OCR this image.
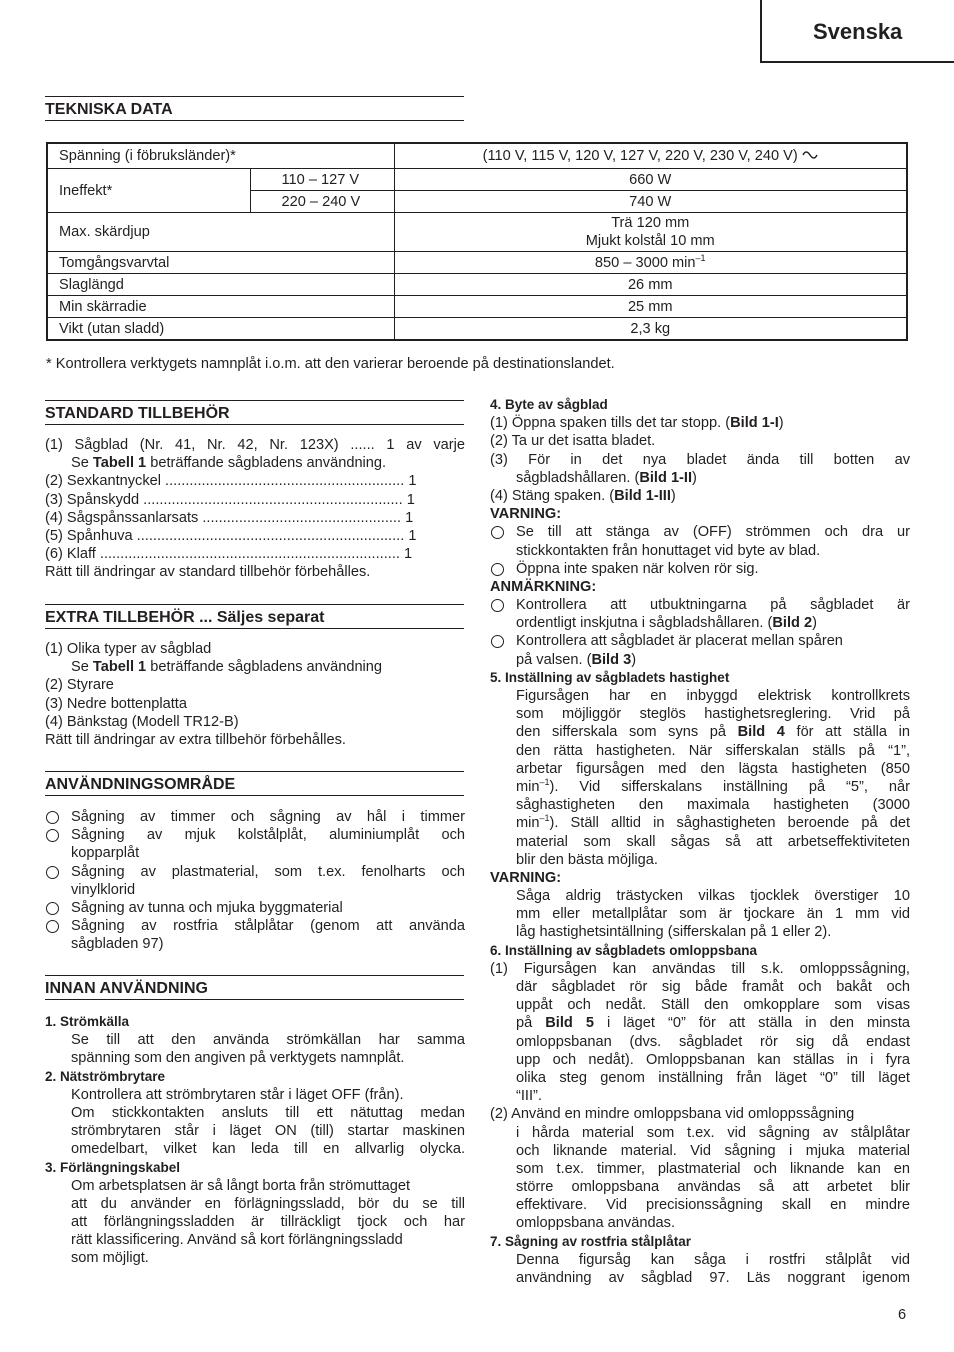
Svenska
TEKNISKA DATA
Spänning (i föbruksländer)*		(110 V, 115 V, 120 V, 127 V, 220 V, 230 V, 240 V)
Ineffekt*	110 – 127 V	660 W
	220 – 240 V	740 W
Max. skärdjup		Trä 120 mm
Mjukt kolstål 10 mm

Tomgångsvarvtal		850 – 3000 $\min^{-1}$
Slaglängd		26 mm
Min skärradie		25 mm
Vikt (utan sladd)		2,3 kg
* Kontrollera verktygets namnplåt i.o.m. att den varierar beroende på destinationslandet.
STANDARD TILLBEHÖR
(1) Sågblad (Nr. 41, Nr. 42, Nr. 123X) ...... 1 av varje
Se Tabell 1 beträffande sågbladens användning.
(2) Sexkantnyckel ........................................................... 1
(3) Spånskydd ................................................................ 1
(4) Sågspånssanlarsats ................................................. 1
(5) Spånhuva .................................................................. 1
(6) Klaff .......................................................................... 1
Rätt till ändringar av standard tillbehör förbehålles.
EXTRA TILLBEHÖR ... Säljes separat
(1) Olika typer av sågblad
Se Tabell 1 beträffande sågbladens användning
(2) Styrare
(3) Nedre bottenplatta
(4) Bänkstag (Modell TR12-B)
Rätt till ändringar av extra tillbehör förbehålles.
ANVÄNDNINGSOMRÅDE
Sågning av timmer och sågning av hål i timmer
Sågning av mjuk kolstålplåt, aluminiumplåt och
kopparplåt
Sågning av plastmaterial, som t.ex. fenolharts och
vinylklorid
Sågning av tunna och mjuka byggmaterial
Sågning av rostfria stålplåtar (genom att använda
sågbladen 97)
INNAN ANVÄNDNING
1. Strömkälla
Se till att den använda strömkällan har samma
spänning som den angiven på verktygets namnplåt.
2. Nätströmbrytare
Kontrollera att strömbrytaren står i läget OFF (från).
Om stickkontakten ansluts till ett nätuttag medan
strömbrytaren står i läget ON (till) startar maskinen
omedelbart, vilket kan leda till en allvarlig olycka.
3. Förlängningskabel
Om arbetsplatsen är så långt borta från strömuttaget
att du använder en förlägningssladd, bör du se till
att förlängningssladden är tillräckligt tjock och har
rätt klassificering. Använd så kort förlängningssladd
som möjligt.
4. Byte av sågblad
(1) Öppna spaken tills det tar stopp. (Bild 1-I)
(2) Ta ur det isatta bladet.
(3) För in det nya bladet ända till botten av
sågbladshållaren. (Bild 1-II)
(4) Stäng spaken. (Bild 1-III)
VARNING:
Se till att stänga av (OFF) strömmen och dra ur
stickkontakten från honuttaget vid byte av blad.
Öppna inte spaken när kolven rör sig.
ANMÄRKNING:
Kontrollera att utbuktningarna på sågbladet är
ordentligt inskjutna i sågbladshållaren. (Bild 2)
Kontrollera att sågbladet är placerat mellan spåren
på valsen. (Bild 3)
5. Inställning av sågbladets hastighet
Figursågen har en inbyggd elektrisk kontrollkrets
som möjliggör steglös hastighetsreglering. Vrid på
den sifferskala som syns på Bild 4 för att ställa in
den rätta hastigheten. När sifferskalan ställs på “1”,
arbetar figursågen med den lägsta hastigheten (850
$\min^{-1}$). Vid sifferskalans inställning på “5”, når
såghastigheten den maximala hastigheten (3000
$\min^{-1}$). Ställ alltid in såghastigheten beroende på det
material som skall sågas så att arbetseffektiviteten
blir den bästa möjliga.
VARNING:
Såga aldrig trästycken vilkas tjocklek överstiger 10
mm eller metallplåtar som är tjockare än 1 mm vid
låg hastighetsintällning (sifferskalan på 1 eller 2).
6. Inställning av sågbladets omloppsbana
(1) Figursågen kan användas till s.k. omloppssågning,
där sågbladet rör sig både framåt och bakåt och
uppåt och nedåt. Ställ den omkopplare som visas
på Bild 5 i läget “0” för att ställa in den minsta
omloppsbanan (dvs. sågbladet rör sig då endast
upp och nedåt). Omloppsbanan kan ställas in i fyra
olika steg genom inställning från läget “0” till läget
“III”.
(2) Använd en mindre omloppsbana vid omloppssågning
i hårda material som t.ex. vid sågning av stålplåtar
och liknande material. Vid sågning i mjuka material
som t.ex. timmer, plastmaterial och liknande kan en
större omloppsbana användas så att arbetet blir
effektivare. Vid precisionssågning skall en mindre
omloppsbana användas.
7. Sågning av rostfria stålplåtar
Denna figursåg kan såga i rostfri stålplåt vid
användning av sågblad 97. Läs noggrant igenom
6
